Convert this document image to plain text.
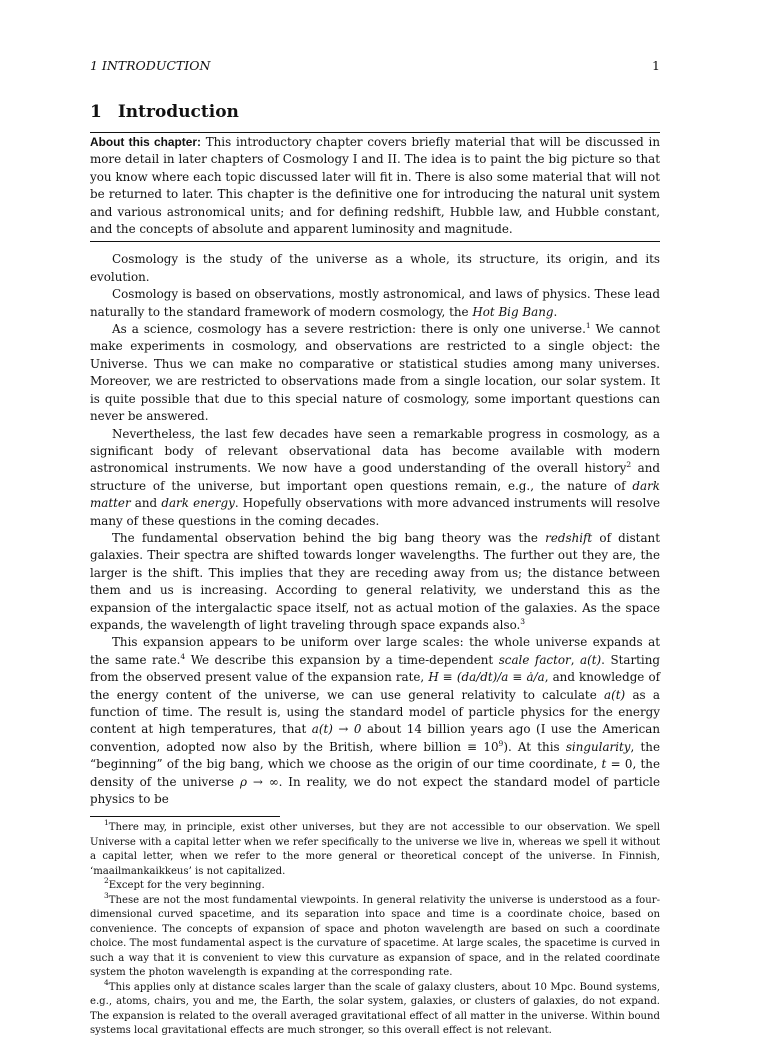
1 INTRODUCTION	1
1 Introduction
About this chapter: This introductory chapter covers briefly material that will be discussed in more detail in later chapters of Cosmology I and II. The idea is to paint the big picture so that you know where each topic discussed later will fit in. There is also some material that will not be returned to later. This chapter is the definitive one for introducing the natural unit system and various astronomical units; and for defining redshift, Hubble law, and Hubble constant, and the concepts of absolute and apparent luminosity and magnitude.

Cosmology is the study of the universe as a whole, its structure, its origin, and its evolution.

Cosmology is based on observations, mostly astronomical, and laws of physics. These lead naturally to the standard framework of modern cosmology, the Hot Big Bang.

As a science, cosmology has a severe restriction: there is only one universe.$^1$ We cannot make experiments in cosmology, and observations are restricted to a single object: the Universe. Thus we can make no comparative or statistical studies among many universes. Moreover, we are restricted to observations made from a single location, our solar system. It is quite possible that due to this special nature of cosmology, some important questions can never be answered.

Nevertheless, the last few decades have seen a remarkable progress in cosmology, as a significant body of relevant observational data has become available with modern astronomical instruments. We now have a good understanding of the overall history$^2$ and structure of the universe, but important open questions remain, e.g., the nature of dark matter and dark energy. Hopefully observations with more advanced instruments will resolve many of these questions in the coming decades.

The fundamental observation behind the big bang theory was the redshift of distant galaxies. Their spectra are shifted towards longer wavelengths. The further out they are, the larger is the shift. This implies that they are receding away from us; the distance between them and us is increasing. According to general relativity, we understand this as the expansion of the intergalactic space itself, not as actual motion of the galaxies. As the space expands, the wavelength of light traveling through space expands also.$^3$

This expansion appears to be uniform over large scales: the whole universe expands at the same rate.$^4$ We describe this expansion by a time-dependent scale factor, a(t). Starting from the observed present value of the expansion rate, H ≡ (da/dt)/a ≡ ȧ/a, and knowledge of the energy content of the universe, we can use general relativity to calculate a(t) as a function of time. The result is, using the standard model of particle physics for the energy content at high temperatures, that a(t) → 0 about 14 billion years ago (I use the American convention, adopted now also by the British, where billion ≡ $10^9$). At this singularity, the “beginning” of the big bang, which we choose as the origin of our time coordinate, t = 0, the density of the universe ρ → ∞. In reality, we do not expect the standard model of particle physics to be

$^1$There may, in principle, exist other universes, but they are not accessible to our observation. We spell Universe with a capital letter when we refer specifically to the universe we live in, whereas we spell it without a capital letter, when we refer to the more general or theoretical concept of the universe. In Finnish, ‘maailmankaikkeus’ is not capitalized.

$^2$Except for the very beginning.

$^3$These are not the most fundamental viewpoints. In general relativity the universe is understood as a four-dimensional curved spacetime, and its separation into space and time is a coordinate choice, based on convenience. The concepts of expansion of space and photon wavelength are based on such a coordinate choice. The most fundamental aspect is the curvature of spacetime. At large scales, the spacetime is curved in such a way that it is convenient to view this curvature as expansion of space, and in the related coordinate system the photon wavelength is expanding at the corresponding rate.

$^4$This applies only at distance scales larger than the scale of galaxy clusters, about 10 Mpc. Bound systems, e.g., atoms, chairs, you and me, the Earth, the solar system, galaxies, or clusters of galaxies, do not expand. The expansion is related to the overall averaged gravitational effect of all matter in the universe. Within bound systems local gravitational effects are much stronger, so this overall effect is not relevant.
